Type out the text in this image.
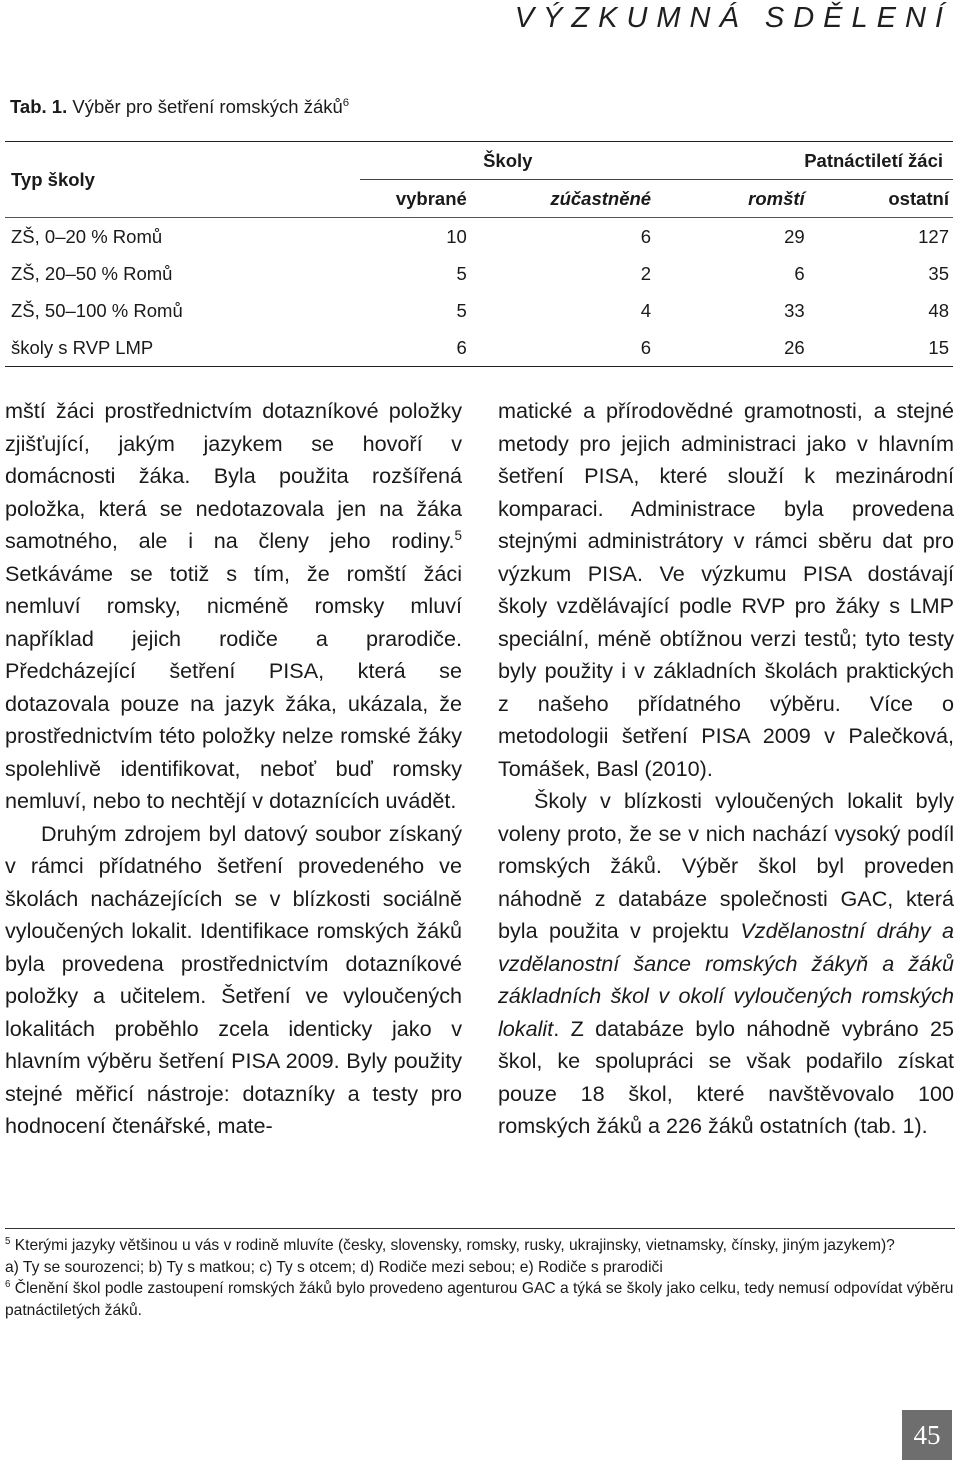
VÝZKUMNÁ SDĚLENÍ
Tab. 1. Výběr pro šetření romských žáků$^6$
Typ školy	Školy		Patnáctiletí žáci	
	vybrané	zúčastněné	romští	ostatní
ZŠ, 0–20 % Romů	10	6	29	127
ZŠ, 20–50 % Romů	5	2	6	35
ZŠ, 50–100 % Romů	5	4	33	48
školy s RVP LMP	6	6	26	15

mští žáci prostřednictvím dotazníkové položky zjišťující, jakým jazykem se hovoří v domácnosti žáka. Byla použita rozšířená položka, která se nedotazovala jen na žáka samotného, ale i na členy jeho rodiny.$^5$ Setkáváme se totiž s tím, že romští žáci nemluví romsky, nicméně romsky mluví například jejich rodiče a prarodiče. Předcházející šetření PISA, která se dotazovala pouze na jazyk žáka, ukázala, že prostřednictvím této položky nelze romské žáky spolehlivě identifikovat, neboť buď romsky nemluví, nebo to nechtějí v dotaznících uvádět.

Druhým zdrojem byl datový soubor získaný v rámci přídatného šetření provedeného ve školách nacházejících se v blízkosti sociálně vyloučených lokalit. Identifikace romských žáků byla provedena prostřednictvím dotazníkové položky a učitelem. Šetření ve vyloučených lokalitách proběhlo zcela identicky jako v hlavním výběru šetření PISA 2009. Byly použity stejné měřicí nástroje: dotazníky a testy pro hodnocení čtenářské, mate-

matické a přírodovědné gramotnosti, a stejné metody pro jejich administraci jako v hlavním šetření PISA, které slouží k mezinárodní komparaci. Administrace byla provedena stejnými administrátory v rámci sběru dat pro výzkum PISA. Ve výzkumu PISA dostávají školy vzdělávající podle RVP pro žáky s LMP speciální, méně obtížnou verzi testů; tyto testy byly použity i v základních školách praktických z našeho přídatného výběru. Více o metodologii šetření PISA 2009 v Palečková, Tomášek, Basl (2010).

Školy v blízkosti vyloučených lokalit byly voleny proto, že se v nich nachází vysoký podíl romských žáků. Výběr škol byl proveden náhodně z databáze společnosti GAC, která byla použita v projektu Vzdělanostní dráhy a vzdělanostní šance romských žákyň a žáků základních škol v okolí vyloučených romských lokalit. Z databáze bylo náhodně vybráno 25 škol, ke spolupráci se však podařilo získat pouze 18 škol, které navštěvovalo 100 romských žáků a 226 žáků ostatních (tab. 1).

$^5$ Kterými jazyky většinou u vás v rodině mluvíte (česky, slovensky, romsky, rusky, ukrajinsky, vietnamsky, čínsky, jiným jazykem)?
a) Ty se sourozenci; b) Ty s matkou; c) Ty s otcem; d) Rodiče mezi sebou; e) Rodiče s prarodiči
$^6$ Členění škol podle zastoupení romských žáků bylo provedeno agenturou GAC a týká se školy jako celku, tedy nemusí odpovídat výběru patnáctiletých žáků.
45
